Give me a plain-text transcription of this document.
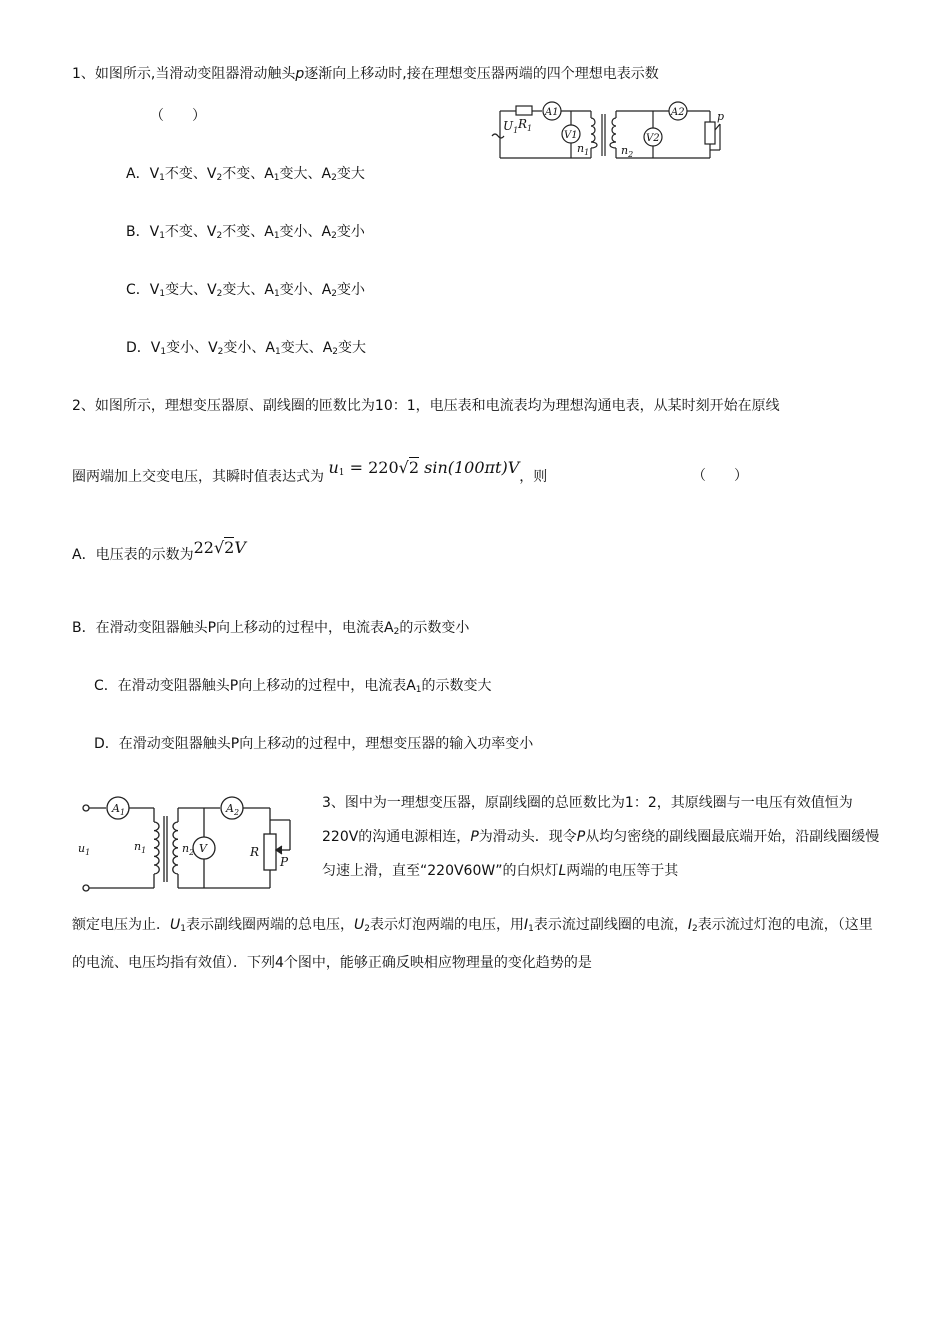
1、如图所示,当滑动变阻器滑动触头p逐渐向上移动时,接在理想变压器两端的四个理想电表示数
（　　）	A1
V1
A2
V2
$U_1$ $R_1$
$n_1$	$n_2$
p
A．$V_1$不变、$V_2$不变、$A_1$变大、$A_2$变大
B．$V_1$不变、$V_2$不变、$A_1$变小、$A_2$变小
C．$V_1$变大、$V_2$变大、$A_1$变小、$A_2$变小
D．$V_1$变小、$V_2$变小、$A_1$变大、$A_2$变大
2、如图所示，理想变压器原、副线圈的匝数比为10：1，电压表和电流表均为理想沟通电表，从某时刻开始在原线
圈两端加上交变电压，其瞬时值表达式为 $u_1 = 220√2$ sin(100πt)V，则	（　　）
A．电压表的示数为22√2V
B．在滑动变阻器触头P向上移动的过程中，电流表$A_2$的示数变小
C．在滑动变阻器触头P向上移动的过程中，电流表$A_1$的示数变大
D．在滑动变阻器触头P向上移动的过程中，理想变压器的输入功率变小
$A_1$	$A_2$
V
$u_1$	$n_1$	$n_2$	R
P
3、图中为一理想变压器，原副线圈的总匝数比为1：2，其原线圈与一电压有效值恒为220V的沟通电源相连，P为滑动头．现令P从均匀密绕的副线圈最底端开始，沿副线圈缓慢匀速上滑，直至“220V60W”的白炽灯L两端的电压等于其
额定电压为止．$U_1$表示副线圈两端的总电压，$U_2$表示灯泡两端的电压，用$I_1$表示流过副线圈的电流，$I_2$表示流过灯泡的电流，（这里的电流、电压均指有效值）．下列4个图中，能够正确反映相应物理量的变化趋势的是
